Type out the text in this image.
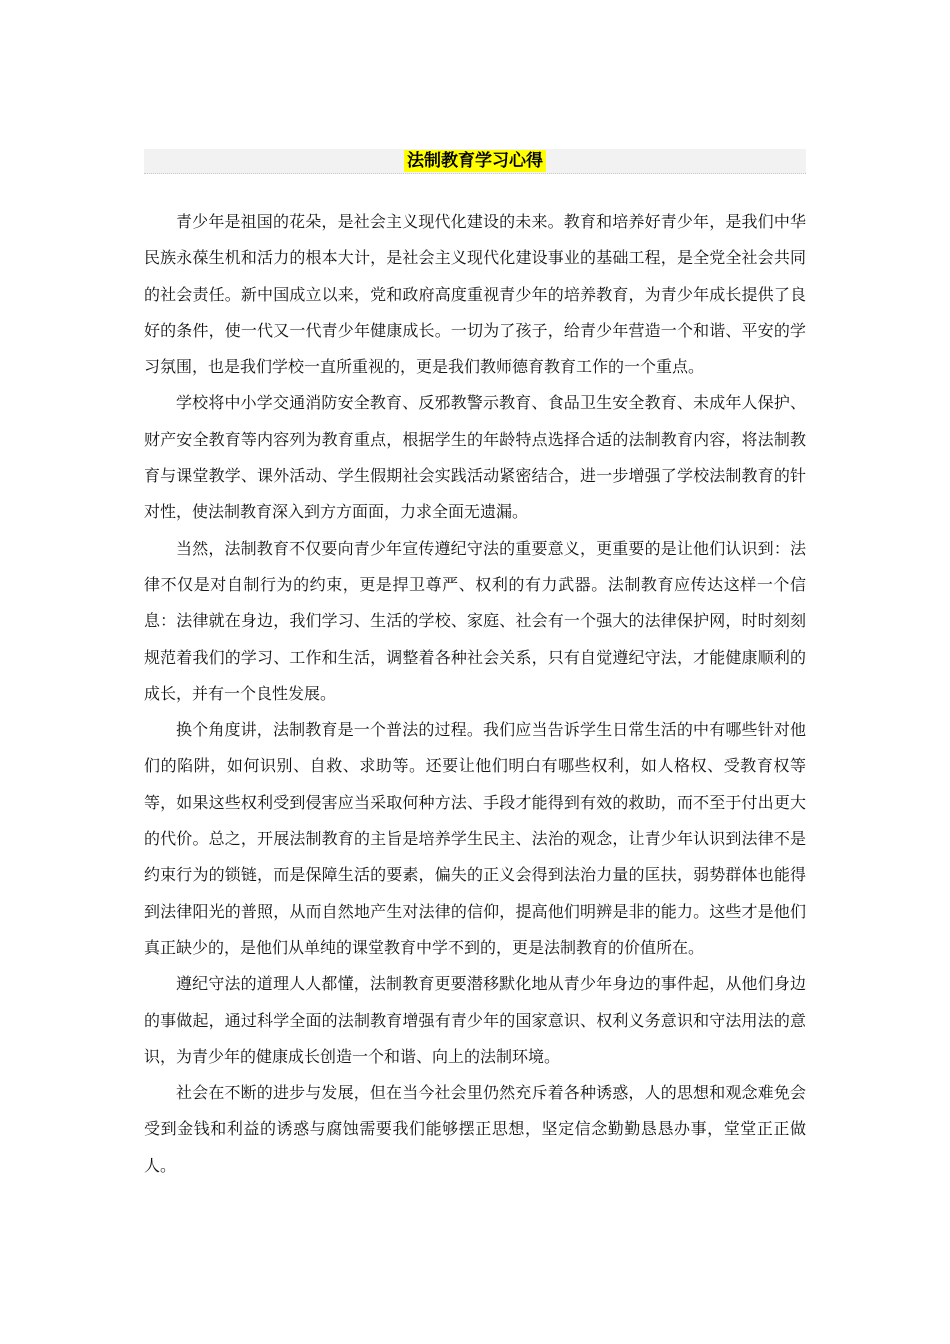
法制教育学习心得

青少年是祖国的花朵，是社会主义现代化建设的未来。教育和培养好青少年，是我们中华民族永葆生机和活力的根本大计，是社会主义现代化建设事业的基础工程，是全党全社会共同的社会责任。新中国成立以来，党和政府高度重视青少年的培养教育，为青少年成长提供了良好的条件，使一代又一代青少年健康成长。一切为了孩子，给青少年营造一个和谐、平安的学习氛围，也是我们学校一直所重视的，更是我们教师德育教育工作的一个重点。

学校将中小学交通消防安全教育、反邪教警示教育、食品卫生安全教育、未成年人保护、财产安全教育等内容列为教育重点，根据学生的年龄特点选择合适的法制教育内容，将法制教育与课堂教学、课外活动、学生假期社会实践活动紧密结合，进一步增强了学校法制教育的针对性，使法制教育深入到方方面面，力求全面无遗漏。

当然，法制教育不仅要向青少年宣传遵纪守法的重要意义，更重要的是让他们认识到：法律不仅是对自制行为的约束，更是捍卫尊严、权利的有力武器。法制教育应传达这样一个信息：法律就在身边，我们学习、生活的学校、家庭、社会有一个强大的法律保护网，时时刻刻规范着我们的学习、工作和生活，调整着各种社会关系，只有自觉遵纪守法，才能健康顺利的成长，并有一个良性发展。

换个角度讲，法制教育是一个普法的过程。我们应当告诉学生日常生活的中有哪些针对他们的陷阱，如何识别、自救、求助等。还要让他们明白有哪些权利，如人格权、受教育权等等，如果这些权利受到侵害应当采取何种方法、手段才能得到有效的救助，而不至于付出更大的代价。总之，开展法制教育的主旨是培养学生民主、法治的观念，让青少年认识到法律不是约束行为的锁链，而是保障生活的要素，偏失的正义会得到法治力量的匡扶，弱势群体也能得到法律阳光的普照，从而自然地产生对法律的信仰，提高他们明辨是非的能力。这些才是他们真正缺少的，是他们从单纯的课堂教育中学不到的，更是法制教育的价值所在。

遵纪守法的道理人人都懂，法制教育更要潜移默化地从青少年身边的事件起，从他们身边的事做起，通过科学全面的法制教育增强有青少年的国家意识、权利义务意识和守法用法的意识，为青少年的健康成长创造一个和谐、向上的法制环境。

社会在不断的进步与发展，但在当今社会里仍然充斥着各种诱惑，人的思想和观念难免会受到金钱和利益的诱惑与腐蚀需要我们能够摆正思想，坚定信念勤勤恳恳办事，堂堂正正做人。
